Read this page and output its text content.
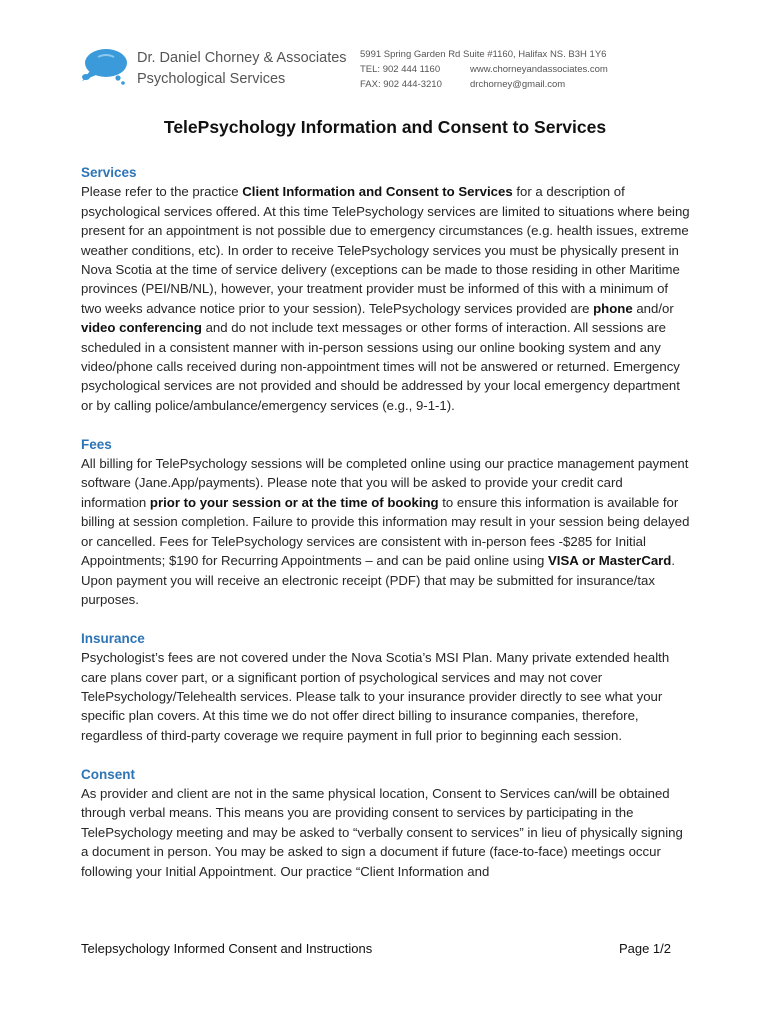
Dr. Daniel Chorney & Associates
Psychological Services
5991 Spring Garden Rd Suite #1160, Halifax NS. B3H 1Y6
TEL: 902 444 1160	www.chorneyandassociates.com
FAX: 902 444-3210	drchorney@gmail.com
TelePsychology Information and Consent to Services
Services

Please refer to the practice Client Information and Consent to Services for a description of psychological services offered. At this time TelePsychology services are limited to situations where being present for an appointment is not possible due to emergency circumstances (e.g. health issues, extreme weather conditions, etc). In order to receive TelePsychology services you must be physically present in Nova Scotia at the time of service delivery (exceptions can be made to those residing in other Maritime provinces (PEI/NB/NL), however, your treatment provider must be informed of this with a minimum of two weeks advance notice prior to your session). TelePsychology services provided are phone and/or video conferencing and do not include text messages or other forms of interaction. All sessions are scheduled in a consistent manner with in-person sessions using our online booking system and any video/phone calls received during non-appointment times will not be answered or returned. Emergency psychological services are not provided and should be addressed by your local emergency department or by calling police/ambulance/emergency services (e.g., 9-1-1).

Fees

All billing for TelePsychology sessions will be completed online using our practice management payment software (Jane.App/payments). Please note that you will be asked to provide your credit card information prior to your session or at the time of booking to ensure this information is available for billing at session completion. Failure to provide this information may result in your session being delayed or cancelled. Fees for TelePsychology services are consistent with in-person fees -$285 for Initial Appointments; $190 for Recurring Appointments – and can be paid online using VISA or MasterCard. Upon payment you will receive an electronic receipt (PDF) that may be submitted for insurance/tax purposes.

Insurance

Psychologist’s fees are not covered under the Nova Scotia’s MSI Plan. Many private extended health care plans cover part, or a significant portion of psychological services and may not cover TelePsychology/Telehealth services. Please talk to your insurance provider directly to see what your specific plan covers. At this time we do not offer direct billing to insurance companies, therefore, regardless of third-party coverage we require payment in full prior to beginning each session.

Consent

As provider and client are not in the same physical location, Consent to Services can/will be obtained through verbal means. This means you are providing consent to services by participating in the TelePsychology meeting and may be asked to “verbally consent to services” in lieu of physically signing a document in person. You may be asked to sign a document if future (face-to-face) meetings occur following your Initial Appointment. Our practice “Client Information and

Telepsychology Informed Consent and Instructions	Page 1/2
